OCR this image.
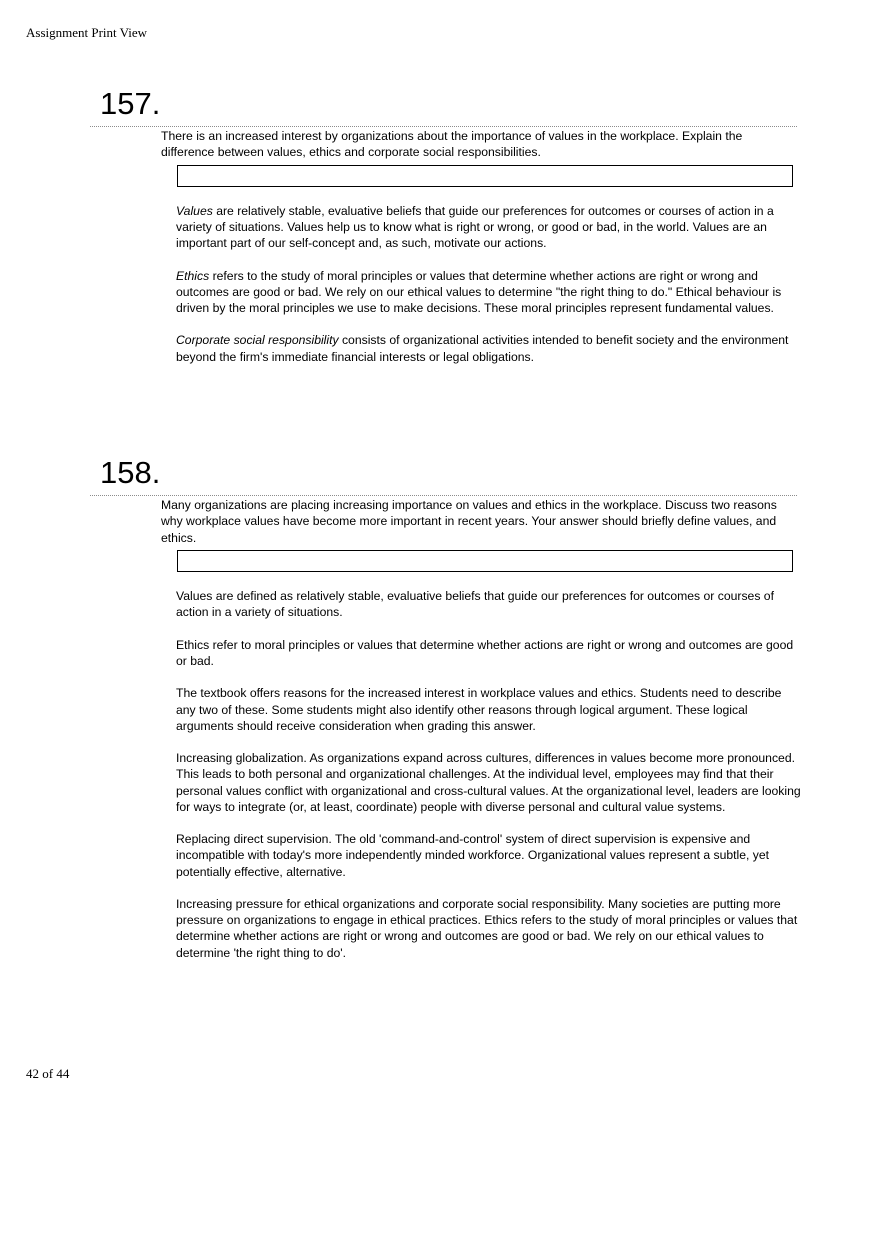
Assignment Print View
157.
There is an increased interest by organizations about the importance of values in the workplace. Explain the difference between values, ethics and corporate social responsibilities.

Values are relatively stable, evaluative beliefs that guide our preferences for outcomes or courses of action in a variety of situations. Values help us to know what is right or wrong, or good or bad, in the world. Values are an important part of our self-concept and, as such, motivate our actions.

Ethics refers to the study of moral principles or values that determine whether actions are right or wrong and outcomes are good or bad. We rely on our ethical values to determine "the right thing to do." Ethical behaviour is driven by the moral principles we use to make decisions. These moral principles represent fundamental values.

Corporate social responsibility consists of organizational activities intended to benefit society and the environment beyond the firm's immediate financial interests or legal obligations.

158.
Many organizations are placing increasing importance on values and ethics in the workplace. Discuss two reasons why workplace values have become more important in recent years. Your answer should briefly define values, and ethics.

Values are defined as relatively stable, evaluative beliefs that guide our preferences for outcomes or courses of action in a variety of situations.

Ethics refer to moral principles or values that determine whether actions are right or wrong and outcomes are good or bad.

The textbook offers reasons for the increased interest in workplace values and ethics. Students need to describe any two of these. Some students might also identify other reasons through logical argument. These logical arguments should receive consideration when grading this answer.

Increasing globalization. As organizations expand across cultures, differences in values become more pronounced. This leads to both personal and organizational challenges. At the individual level, employees may find that their personal values conflict with organizational and cross-cultural values. At the organizational level, leaders are looking for ways to integrate (or, at least, coordinate) people with diverse personal and cultural value systems.

Replacing direct supervision. The old 'command-and-control' system of direct supervision is expensive and incompatible with today's more independently minded workforce. Organizational values represent a subtle, yet potentially effective, alternative.

Increasing pressure for ethical organizations and corporate social responsibility. Many societies are putting more pressure on organizations to engage in ethical practices. Ethics refers to the study of moral principles or values that determine whether actions are right or wrong and outcomes are good or bad. We rely on our ethical values to determine 'the right thing to do'.

42 of 44
